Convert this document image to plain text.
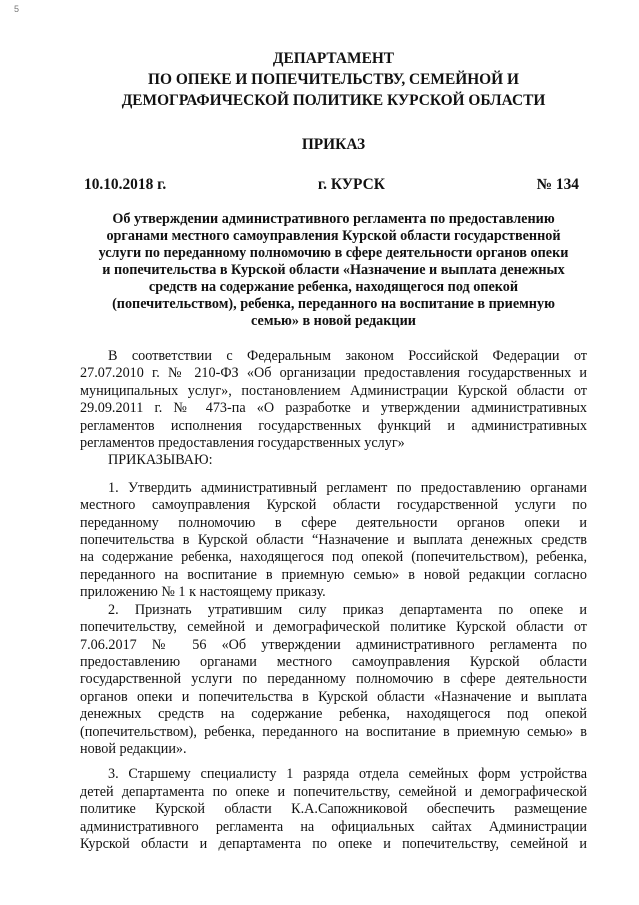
5
ДЕПАРТАМЕНТ
ПО ОПЕКЕ И ПОПЕЧИТЕЛЬСТВУ, СЕМЕЙНОЙ И
ДЕМОГРАФИЧЕСКОЙ ПОЛИТИКЕ КУРСКОЙ ОБЛАСТИ
ПРИКАЗ
10.10.2018 г.	г. КУРСК	№ 134
Об утверждении административного регламента по предоставлению
органами местного самоуправления Курской области государственной
услуги по переданному полномочию в сфере деятельности органов опеки
и попечительства в Курской области «Назначение и выплата денежных
средств на содержание ребенка, находящегося под опекой
(попечительством), ребенка, переданного на воспитание в приемную
семью» в новой редакции
В соответствии с Федеральным законом Российской Федерации от
27.07.2010 г. № 210-ФЗ «Об организации предоставления государственных и
муниципальных услуг», постановлением Администрации Курской области от
29.09.2011 г. № 473-па «О разработке и утверждении административных
регламентов исполнения государственных функций и административных
регламентов предоставления государственных услуг»
ПРИКАЗЫВАЮ:
1. Утвердить административный регламент по предоставлению органами
местного самоуправления Курской области государственной услуги по
переданному полномочию в сфере деятельности органов опеки и
попечительства в Курской области “Назначение и выплата денежных средств
на содержание ребенка, находящегося под опекой (попечительством), ребенка,
переданного на воспитание в приемную семью» в новой редакции согласно
приложению № 1 к настоящему приказу.
2. Признать утратившим силу приказ департамента по опеке и
попечительству, семейной и демографической политике Курской области от
7.06.2017 № 56 «Об утверждении административного регламента по
предоставлению органами местного самоуправления Курской области
государственной услуги по переданному полномочию в сфере деятельности
органов опеки и попечительства в Курской области «Назначение и выплата
денежных средств на содержание ребенка, находящегося под опекой
(попечительством), ребенка, переданного на воспитание в приемную семью» в
новой редакции».
3. Старшему специалисту 1 разряда отдела семейных форм устройства
детей департамента по опеке и попечительству, семейной и демографической
политике Курской области К.А.Сапожниковой обеспечить размещение
административного регламента на официальных сайтах Администрации
Курской области и департамента по опеке и попечительству, семейной и
